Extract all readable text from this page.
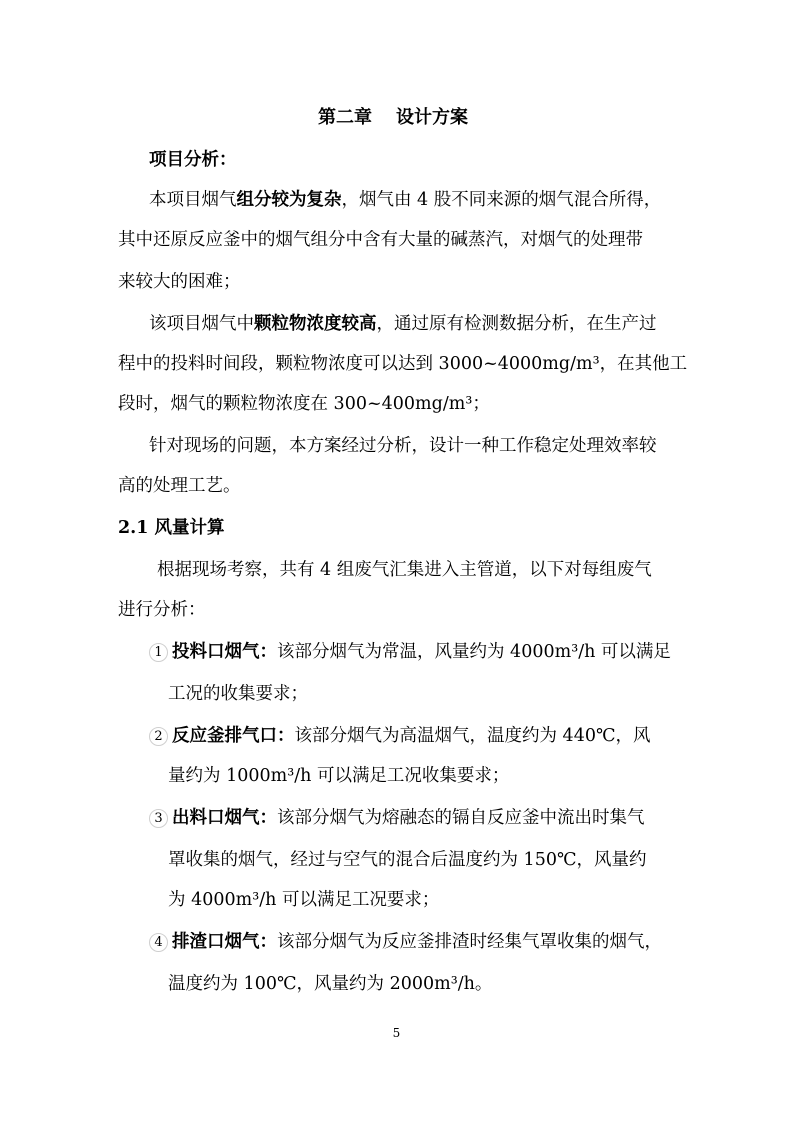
第二章 设计方案
项目分析：
本项目烟气组分较为复杂，烟气由 4 股不同来源的烟气混合所得，
其中还原反应釜中的烟气组分中含有大量的碱蒸汽，对烟气的处理带
来较大的困难；
该项目烟气中颗粒物浓度较高，通过原有检测数据分析，在生产过
程中的投料时间段，颗粒物浓度可以达到 3000~4000mg/m³，在其他工
段时，烟气的颗粒物浓度在 300~400mg/m³；
针对现场的问题，本方案经过分析，设计一种工作稳定处理效率较
高的处理工艺。
2.1 风量计算
根据现场考察，共有 4 组废气汇集进入主管道，以下对每组废气
进行分析：
1 投料口烟气：该部分烟气为常温，风量约为 4000m³/h 可以满足
工况的收集要求；
2 反应釜排气口：该部分烟气为高温烟气，温度约为 440℃，风
量约为 1000m³/h 可以满足工况收集要求；
3 出料口烟气：该部分烟气为熔融态的镉自反应釜中流出时集气
罩收集的烟气，经过与空气的混合后温度约为 150℃，风量约
为 4000m³/h 可以满足工况要求；
4 排渣口烟气：该部分烟气为反应釜排渣时经集气罩收集的烟气，
温度约为 100℃，风量约为 2000m³/h。
5
